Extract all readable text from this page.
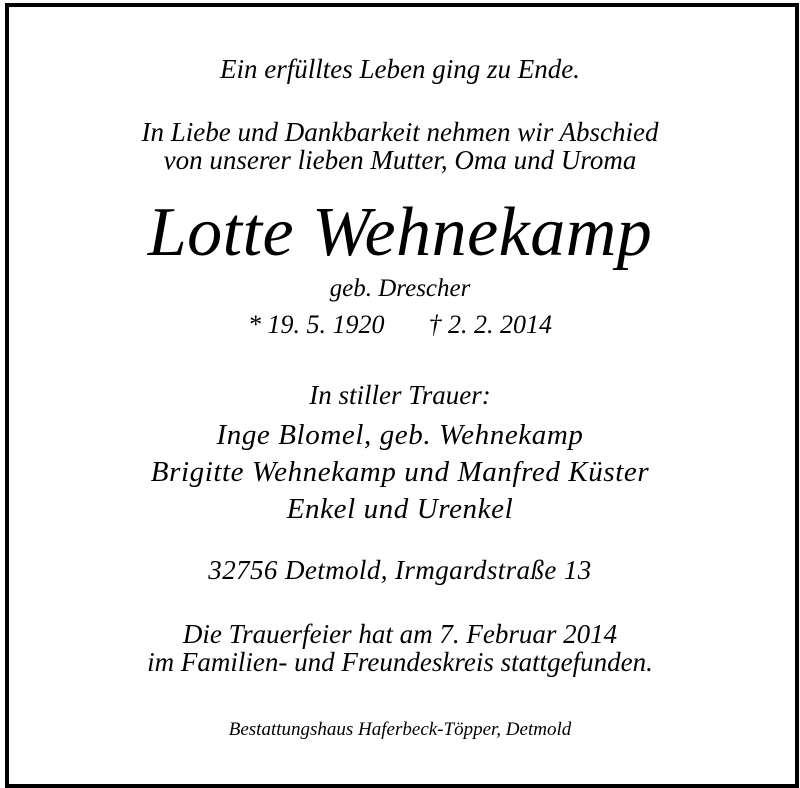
Ein erfülltes Leben ging zu Ende.
In Liebe und Dankbarkeit nehmen wir Abschied
von unserer lieben Mutter, Oma und Uroma
Lotte Wehnekamp
geb. Drescher
* 19. 5. 1920 † 2. 2. 2014
In stiller Trauer:
Inge Blomel, geb. Wehnekamp
Brigitte Wehnekamp und Manfred Küster
Enkel und Urenkel
32756 Detmold, Irmgardstraße 13
Die Trauerfeier hat am 7. Februar 2014
im Familien- und Freundeskreis stattgefunden.
Bestattungshaus Haferbeck-Töpper, Detmold
